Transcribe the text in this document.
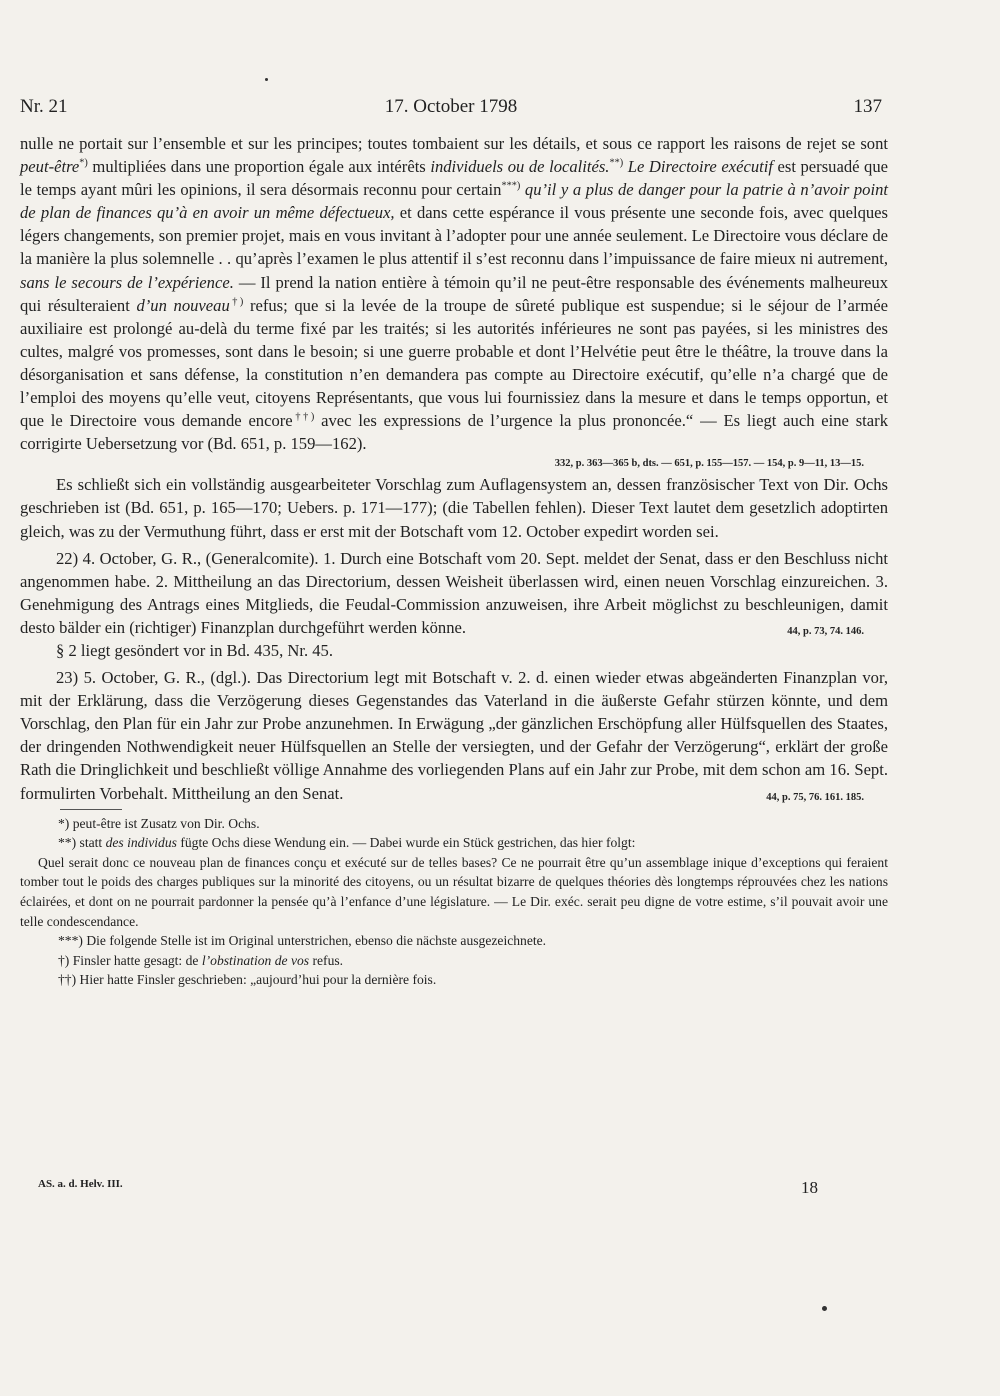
Nr. 21	17. October 1798	137

nulle ne portait sur l’ensemble et sur les principes; toutes tombaient sur les détails, et sous ce rapport les raisons de rejet se sont peut-être*) multipliées dans une proportion égale aux intérêts individuels ou de localités.**) Le Directoire exécutif est persuadé que le temps ayant mûri les opinions, il sera désormais reconnu pour certain***) qu’il y a plus de danger pour la patrie à n’avoir point de plan de finances qu’à en avoir un même défectueux, et dans cette espérance il vous présente une seconde fois, avec quelques légers changements, son premier projet, mais en vous invitant à l’adopter pour une année seulement. Le Directoire vous déclare de la manière la plus solemnelle . . qu’après l’examen le plus attentif il s’est reconnu dans l’impuissance de faire mieux ni autrement, sans le secours de l’expérience. — Il prend la nation entière à témoin qu’il ne peut-être responsable des événements malheureux qui résulteraient d’un nouveau†) refus; que si la levée de la troupe de sûreté publique est suspendue; si le séjour de l’armée auxiliaire est prolongé au-delà du terme fixé par les traités; si les autorités inférieures ne sont pas payées, si les ministres des cultes, malgré vos promesses, sont dans le besoin; si une guerre probable et dont l’Helvétie peut être le théâtre, la trouve dans la désorganisation et sans défense, la constitution n’en demandera pas compte au Directoire exécutif, qu’elle n’a chargé que de l’emploi des moyens qu’elle veut, citoyens Représentants, que vous lui fournissiez dans la mesure et dans le temps opportun, et que le Directoire vous demande encore††) avec les expressions de l’urgence la plus prononcée.“ — Es liegt auch eine stark corrigirte Uebersetzung vor (Bd. 651, p. 159—162).

332, p. 363—365 b, dts. — 651, p. 155—157. — 154, p. 9—11, 13—15.

Es schließt sich ein vollständig ausgearbeiteter Vorschlag zum Auflagensystem an, dessen französischer Text von Dir. Ochs geschrieben ist (Bd. 651, p. 165—170; Uebers. p. 171—177); (die Tabellen fehlen). Dieser Text lautet dem gesetzlich adoptirten gleich, was zu der Vermuthung führt, dass er erst mit der Botschaft vom 12. October expedirt worden sei.

22) 4. October, G. R., (Generalcomite). 1. Durch eine Botschaft vom 20. Sept. meldet der Senat, dass er den Beschluss nicht angenommen habe. 2. Mittheilung an das Directorium, dessen Weisheit überlassen wird, einen neuen Vorschlag einzureichen. 3. Genehmigung des Antrags eines Mitglieds, die Feudal-Commission anzuweisen, ihre Arbeit möglichst zu beschleunigen, damit desto bälder ein (richtiger) Finanzplan durchgeführt werden könne.	44, p. 73, 74. 146.

§ 2 liegt gesöndert vor in Bd. 435, Nr. 45.

23) 5. October, G. R., (dgl.). Das Directorium legt mit Botschaft v. 2. d. einen wieder etwas abgeänderten Finanzplan vor, mit der Erklärung, dass die Verzögerung dieses Gegenstandes das Vaterland in die äußerste Gefahr stürzen könnte, und dem Vorschlag, den Plan für ein Jahr zur Probe anzunehmen. In Erwägung „der gänzlichen Erschöpfung aller Hülfsquellen des Staates, der dringenden Nothwendigkeit neuer Hülfsquellen an Stelle der versiegten, und der Gefahr der Verzögerung“, erklärt der große Rath die Dringlichkeit und beschließt völlige Annahme des vorliegenden Plans auf ein Jahr zur Probe, mit dem schon am 16. Sept. formulirten Vorbehalt. Mittheilung an den Senat.	44, p. 75, 76. 161. 185.

*) peut-être ist Zusatz von Dir. Ochs.
**) statt des individus fügte Ochs diese Wendung ein. — Dabei wurde ein Stück gestrichen, das hier folgt:
Quel serait donc ce nouveau plan de finances conçu et exécuté sur de telles bases? Ce ne pourrait être qu’un assemblage inique d’exceptions qui feraient tomber tout le poids des charges publiques sur la minorité des citoyens, ou un résultat bizarre de quelques théories dès longtemps réprouvées chez les nations éclairées, et dont on ne pourrait pardonner la pensée qu’à l’enfance d’une législature. — Le Dir. exéc. serait peu digne de votre estime, s’il pouvait avoir une telle condescendance.
***) Die folgende Stelle ist im Original unterstrichen, ebenso die nächste ausgezeichnete.
†) Finsler hatte gesagt: de l’obstination de vos refus.
††) Hier hatte Finsler geschrieben: „aujourd’hui pour la dernière fois.
AS. a. d. Helv. III.	18
